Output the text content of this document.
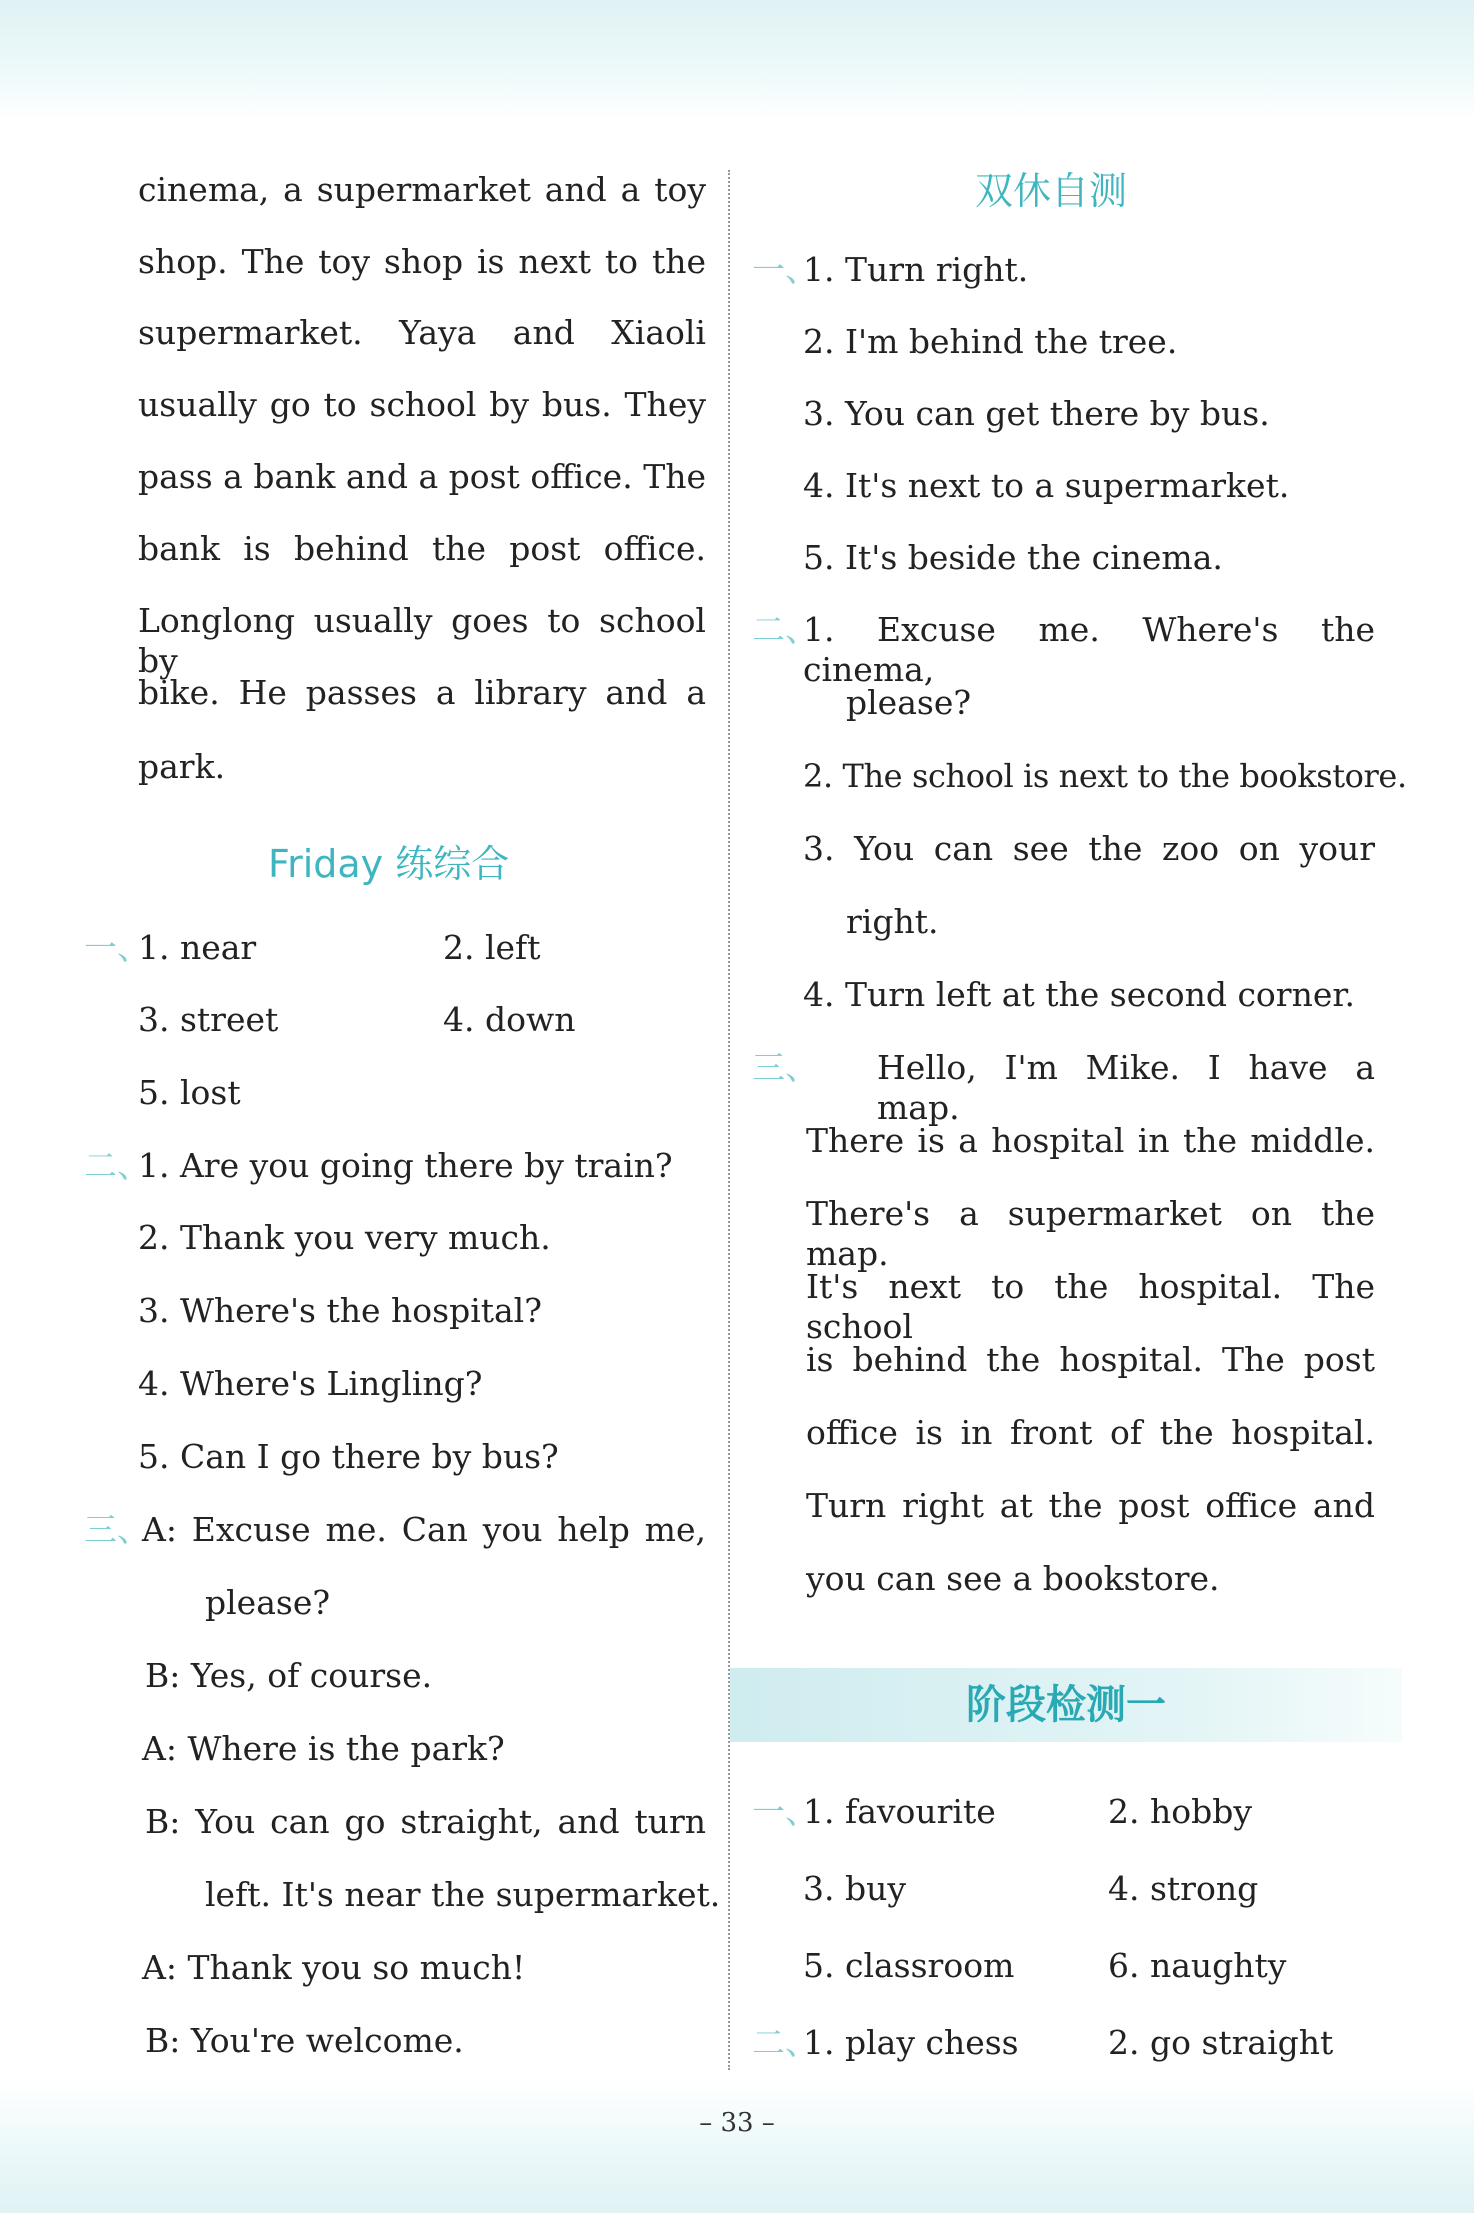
cinema, a supermarket and a toy
shop. The toy shop is next to the
supermarket. Yaya and Xiaoli
usually go to school by bus. They
pass a bank and a post office. The
bank is behind the post office.
Longlong usually goes to school by
bike. He passes a library and a
park.
Friday 练综合
一、
1. near	2. left
3. street	4. down
5. lost
二、
1. Are you going there by train?
2. Thank you very much.
3. Where's the hospital?
4. Where's Lingling?
5. Can I go there by bus?
三、
A: Excuse me. Can you help me,
please?
B: Yes, of course.
A: Where is the park?
B: You can go straight, and turn
left. It's near the supermarket.
A: Thank you so much!
B: You're welcome.
双休自测
一、
1. Turn right.
2. I'm behind the tree.
3. You can get there by bus.
4. It's next to a supermarket.
5. It's beside the cinema.
二、
1. Excuse me. Where's the cinema,
please?
2. The school is next to the bookstore.
3. You can see the zoo on your
right.
4. Turn left at the second corner.
三、 Hello, I'm Mike. I have a map.
There is a hospital in the middle.
There's a supermarket on the map.
It's next to the hospital. The school
is behind the hospital. The post
office is in front of the hospital.
Turn right at the post office and
you can see a bookstore.
阶段检测一
一、
1. favourite	2. hobby
3. buy	4. strong
5. classroom	6. naughty
二、
1. play chess	2. go straight
– 33 –
